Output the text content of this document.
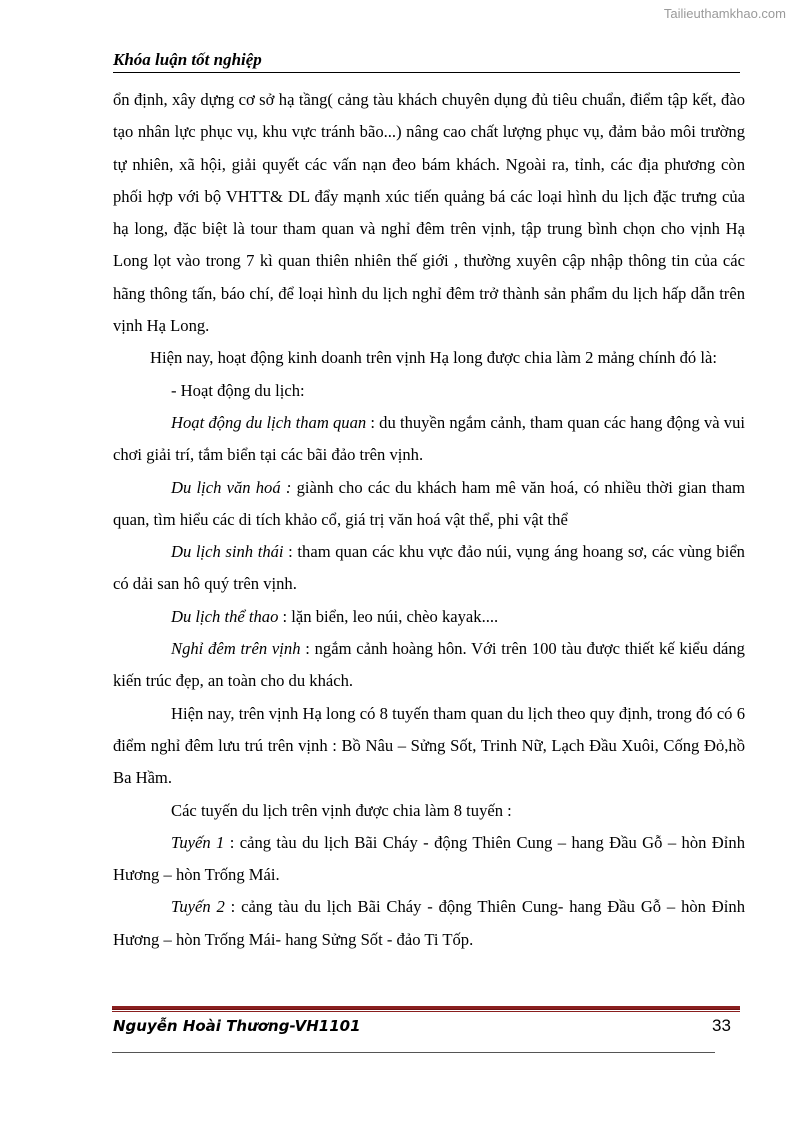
Tailieuthamkhao.com
Khóa luận tốt nghiệp

ổn định, xây dựng cơ sở hạ tầng( cảng tàu khách chuyên dụng đủ tiêu chuẩn, điểm tập kết, đào tạo nhân lực phục vụ, khu vực tránh bão...) nâng cao chất lượng phục vụ, đảm bảo môi trường tự nhiên, xã hội, giải quyết các vấn nạn đeo bám khách. Ngoài ra, tỉnh, các địa phương còn phối hợp với bộ VHTT& DL đẩy mạnh xúc tiến quảng bá các loại hình du lịch đặc trưng của hạ long, đặc biệt là tour tham quan và nghỉ đêm trên vịnh, tập trung bình chọn cho vịnh Hạ Long lọt vào trong 7 kì quan thiên nhiên thế giới , thường xuyên cập nhập thông tin của các hãng thông tấn, báo chí, để loại hình du lịch nghỉ đêm trở thành sản phẩm du lịch hấp dẫn trên vịnh Hạ Long.

Hiện nay, hoạt động kinh doanh trên vịnh Hạ long được chia làm 2 mảng chính đó là:

- Hoạt động du lịch:

Hoạt động du lịch tham quan : du thuyền ngắm cảnh, tham quan các hang động và vui chơi giải trí, tắm biển tại các bãi đảo trên vịnh.

Du lịch văn hoá : giành cho các du khách ham mê văn hoá, có nhiều thời gian tham quan, tìm hiểu các di tích khảo cổ, giá trị văn hoá vật thể, phi vật thể

Du lịch sinh thái : tham quan các khu vực đảo núi, vụng áng hoang sơ, các vùng biển có dải san hô quý trên vịnh.

Du lịch thể thao : lặn biển, leo núi, chèo kayak....

Nghỉ đêm trên vịnh : ngắm cảnh hoàng hôn. Với trên 100 tàu được thiết kế kiểu dáng kiến trúc đẹp, an toàn cho du khách.

Hiện nay, trên vịnh Hạ long có 8 tuyến tham quan du lịch theo quy định, trong đó có 6 điểm nghỉ đêm lưu trú trên vịnh : Bồ Nâu – Sửng Sốt, Trinh Nữ, Lạch Đầu Xuôi, Cống Đỏ,hồ Ba Hầm.

Các tuyến du lịch trên vịnh được chia làm 8 tuyến :

Tuyến 1 : cảng tàu du lịch Bãi Cháy - động Thiên Cung – hang Đầu Gỗ – hòn Đỉnh Hương – hòn Trống Mái.

Tuyến 2 : cảng tàu du lịch Bãi Cháy - động Thiên Cung- hang Đầu Gỗ – hòn Đỉnh Hương – hòn Trống Mái- hang Sửng Sốt - đảo Ti Tốp.

Nguyễn Hoài Thương-VH1101	33
